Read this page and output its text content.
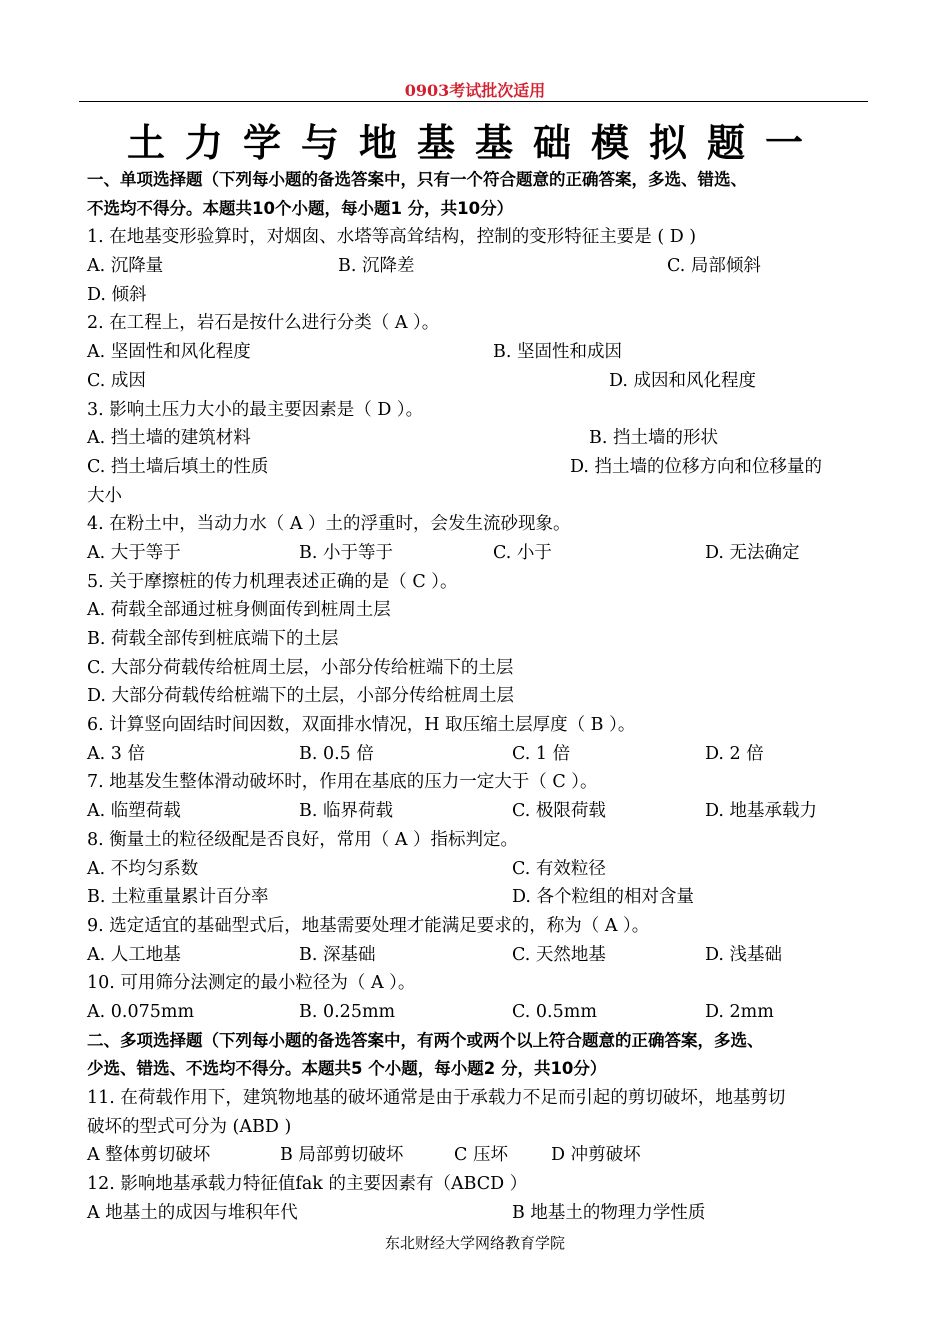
0903考试批次适用
土力学与地基基础模拟题一
一、单项选择题（下列每小题的备选答案中，只有一个符合题意的正确答案，多选、错选、
不选均不得分。本题共10个小题，每小题1 分，共10分）
1. 在地基变形验算时，对烟囱、水塔等高耸结构，控制的变形特征主要是 ( D )
A. 沉降量	B. 沉降差	C. 局部倾斜
D. 倾斜
2. 在工程上，岩石是按什么进行分类（ A ）。
A. 坚固性和风化程度	B. 坚固性和成因
C. 成因	D. 成因和风化程度
3. 影响土压力大小的最主要因素是（ D ）。
A. 挡土墙的建筑材料	B. 挡土墙的形状
C. 挡土墙后填土的性质	D. 挡土墙的位移方向和位移量的
大小
4. 在粉土中，当动力水（ A ）土的浮重时，会发生流砂现象。
A. 大于等于	B. 小于等于	C. 小于	D. 无法确定
5. 关于摩擦桩的传力机理表述正确的是（ C ）。
A. 荷载全部通过桩身侧面传到桩周土层
B. 荷载全部传到桩底端下的土层
C. 大部分荷载传给桩周土层，小部分传给桩端下的土层
D. 大部分荷载传给桩端下的土层，小部分传给桩周土层
6. 计算竖向固结时间因数，双面排水情况，H 取压缩土层厚度（ B ）。
A. 3 倍	B. 0.5 倍	C. 1 倍	D. 2 倍
7. 地基发生整体滑动破坏时，作用在基底的压力一定大于（ C ）。
A. 临塑荷载	B. 临界荷载	C. 极限荷载	D. 地基承载力
8. 衡量土的粒径级配是否良好，常用（ A ）指标判定。
A. 不均匀系数	C. 有效粒径
B. 土粒重量累计百分率	D. 各个粒组的相对含量
9. 选定适宜的基础型式后，地基需要处理才能满足要求的，称为（ A ）。
A. 人工地基	B. 深基础	C. 天然地基	D. 浅基础
10. 可用筛分法测定的最小粒径为（ A ）。
A. 0.075mm	B. 0.25mm	C. 0.5mm	D. 2mm
二、多项选择题（下列每小题的备选答案中，有两个或两个以上符合题意的正确答案，多选、
少选、错选、不选均不得分。本题共5 个小题，每小题2 分，共10分）
11. 在荷载作用下，建筑物地基的破坏通常是由于承载力不足而引起的剪切破坏，地基剪切
破坏的型式可分为 (ABD )
A 整体剪切破坏	B 局部剪切破坏	C 压坏 D 冲剪破坏
12. 影响地基承载力特征值fak 的主要因素有（ABCD ）
A 地基土的成因与堆积年代	B 地基土的物理力学性质
东北财经大学网络教育学院
